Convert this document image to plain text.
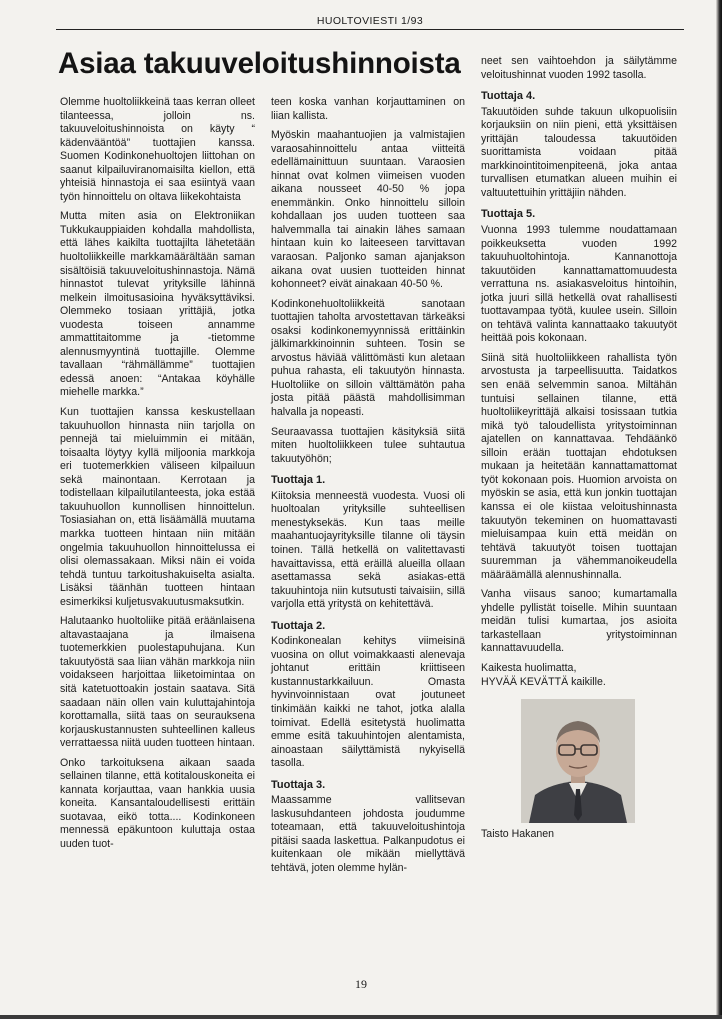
HUOLTOVIESTI 1/93
Asiaa takuuveloitushinnoista

Olemme huoltoliikkeinä taas kerran olleet tilanteessa, jolloin ns. takuuveloitushinnoista on käyty “ kädenvääntöä” tuottajien kanssa. Suomen Kodinkonehuoltojen liittohan on saanut kilpailuviranomaisilta kiellon, että yhteisiä hinnastoja ei saa esiintyä vaan työn hinnoittelu on oltava liikekohtaista

Mutta miten asia on Elektroniikan Tukkukauppiaiden kohdalla mahdollista, että lähes kaikilta tuottajilta lähetetään huoltoliikkeille markkamäärältään saman sisältöisiä takuuveloitushinnastoja. Nämä hinnastot tulevat yrityksille lähinnä melkein ilmoitusasioina hyväksyttäviksi. Olemmeko tosiaan yrittäjiä, jotka vuodesta toiseen annamme ammattitaitomme ja -tietomme alennusmyyntinä tuottajille. Olemme tavallaan “rähmällämme” tuottajien edessä anoen: “Antakaa köyhälle miehelle markka.”

Kun tuottajien kanssa keskustellaan takuuhuollon hinnasta niin tarjolla on pennejä tai mieluimmin ei mitään, toisaalta löytyy kyllä miljoonia markkoja eri tuotemerkkien väliseen kilpailuun sekä mainontaan. Kerrotaan ja todistellaan kilpailutilanteesta, joka estää takuuhuollon kunnollisen hinnoittelun. Tosiasiahan on, että lisäämällä muutama markka tuotteen hintaan niin mitään ongelmia takuuhuollon hinnoittelussa ei olisi olemassakaan. Miksi näin ei voida tehdä tuntuu tarkoitushakuiselta asialta. Lisäksi täänhän tuotteen hintaan esimerkiksi kuljetusvakuutusmaksutkin.

Halutaanko huoltoliike pitää eräänlaisena altavastaajana ja ilmaisena tuotemerkkien puolestapuhujana. Kun takuutyöstä saa liian vähän markkoja niin voidakseen harjoittaa liiketoimintaa on sitä katetuottoakin jostain saatava. Sitä saadaan näin ollen vain kuluttajahintoja korottamalla, siitä taas on seurauksena korjauskustannusten suhteellinen kalleus verrattaessa niitä uuden tuotteen hintaan.

Onko tarkoituksena aikaan saada sellainen tilanne, että kotitalouskoneita ei kannata korjauttaa, vaan hankkia uusia koneita. Kansantaloudellisesti erittäin suotavaa, eikö totta.... Kodinkoneen mennessä epäkuntoon kuluttaja ostaa uuden tuot-

teen koska vanhan korjauttaminen on liian kallista.

Myöskin maahantuojien ja valmistajien varaosahinnoittelu antaa viitteitä edellämainittuun suuntaan. Varaosien hinnat ovat kolmen viimeisen vuoden aikana nousseet 40-50 % jopa enemmänkin. Onko hinnoittelu silloin kohdallaan jos uuden tuotteen saa halvemmalla tai ainakin lähes samaan hintaan kuin ko laiteeseen tarvittavan varaosan. Paljonko saman ajanjakson aikana ovat uusien tuotteiden hinnat kohonneet? eivät ainakaan 40-50 %.

Kodinkonehuoltoliikkeitä sanotaan tuottajien taholta arvostettavan tärkeäksi osaksi kodinkonemyynnissä erittäinkin jälkimarkkinoinnin suhteen. Tosin se arvostus häviää välittömästi kun aletaan puhua rahasta, eli takuutyön hinnasta. Huoltoliike on silloin välttämätön paha josta pitää päästä mahdollisimman halvalla ja nopeasti.

Seuraavassa tuottajien käsityksiä siitä miten huoltoliikkeen tulee suhtautua takuutyöhön;

Tuottaja 1.

Kiitoksia menneestä vuodesta. Vuosi oli huoltoalan yrityksille suhteellisen menestyksekäs. Kun taas meille maahantuojayrityksille tilanne oli täysin toinen. Tällä hetkellä on valitettavasti havaittavissa, että eräillä alueilla ollaan asettamassa sekä asiakas-että takuuhintoja niin kutsutusti taivaisiin, sillä varjolla että yritystä on kehitettävä.

Tuottaja 2.

Kodinkonealan kehitys viimeisinä vuosina on ollut voimakkaasti alenevaja johtanut erittäin kriittiseen kustannustarkkailuun. Omasta hyvinvoinnistaan ovat joutuneet tinkimään kaikki ne tahot, jotka alalla toimivat. Edellä esitetystä huolimatta emme esitä takuuhintojen alentamista, ainoastaan säilyttämistä nykyisellä tasolla.

Tuottaja 3.

Maassamme vallitsevan laskusuhdanteen johdosta joudumme toteamaan, että takuuveloitushintoja pitäisi saada laskettua. Palkanpudotus ei kuitenkaan ole mikään miellyttävä tehtävä, joten olemme hylän-

neet sen vaihtoehdon ja säilytämme veloitushinnat vuoden 1992 tasolla.

Tuottaja 4.

Takuutöiden suhde takuun ulkopuolisiin korjauksiin on niin pieni, että yksittäisen yrittäjän taloudessa takuutöiden suorittamista voidaan pitää markkinointitoimenpiteenä, joka antaa turvallisen etumatkan alueen muihin ei valtuutettuihin yrittäjiin nähden.

Tuottaja 5.

Vuonna 1993 tulemme noudattamaan poikkeuksetta vuoden 1992 takuuhuoltohintoja. Kannanottoja takuutöiden kannattamattomuudesta verrattuna ns. asiakasveloitus hintoihin, jotka juuri sillä hetkellä ovat rahallisesti tuottavampaa työtä, kuulee usein. Silloin on tehtävä valinta kannattaako takuutyöt heittää pois kokonaan.

Siinä sitä huoltoliikkeen rahallista työn arvostusta ja tarpeellisuutta. Taidatkos sen enää selvemmin sanoa. Miltähän tuntuisi sellainen tilanne, että huoltoliikeyrittäjä alkaisi tosissaan tutkia mikä työ taloudellista yritystoiminnan ajatellen on kannattavaa. Tehdäänkö silloin erään tuottajan ehdotuksen mukaan ja heitetään kannattamattomat työt kokonaan pois. Huomion arvoista on myöskin se asia, että kun jonkin tuottajan kanssa ei ole kiistaa veloitushinnasta takuutyön tekeminen on huomattavasti mieluisampaa kuin että meidän on tehtävä takuutyöt toisen tuottajan suuremman ja vähemmanoikeudella määräämällä alennushinnalla.

Vanha viisaus sanoo; kumartamalla yhdelle pyllistät toiselle. Mihin suuntaan meidän tulisi kumartaa, jos asioita tarkastellaan yritystoiminnan kannattavuudella.

Kaikesta huolimatta,
HYVÄÄ KEVÄTTÄ kaikille.

Taisto Hakanen
19
